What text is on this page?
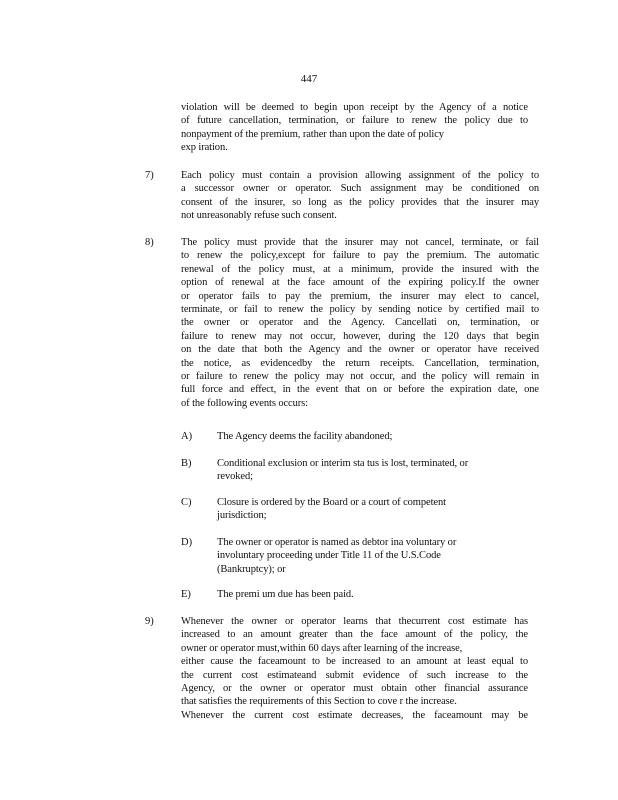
447
violation will be deemed to begin upon receipt by the Agency of a notice
of future cancellation, termination, or failure to renew the policy due to
nonpayment of the premium, rather than upon the date of policy
exp iration.
7)	Each policy must contain a provision allowing assignment of the policy to
a successor owner or operator. Such assignment may be conditioned on
consent of the insurer, so long as the policy provides that the insurer may
not unreasonably refuse such consent.
8)	The policy must provide that the insurer may not cancel, terminate, or fail
to renew the policy,except for failure to pay the premium. The automatic
renewal of the policy must, at a minimum, provide the insured with the
option of renewal at the face amount of the expiring policy.If the owner
or operator fails to pay the premium, the insurer may elect to cancel,
terminate, or fail to renew the policy by sending notice by certified mail to
the owner or operator and the Agency. Cancellati on, termination, or
failure to renew may not occur, however, during the 120 days that begin
on the date that both the Agency and the owner or operator have received
the notice, as evidencedby the return receipts. Cancellation, termination,
or failure to renew the policy may not occur, and the policy will remain in
full force and effect, in the event that on or before the expiration date, one
of the following events occurs:
A) The Agency deems the facility abandoned;
B) Conditional exclusion or interim sta tus is lost, terminated, or
revoked;
C) Closure is ordered by the Board or a court of competent
jurisdiction;
D) The owner or operator is named as debtor ina voluntary or
involuntary proceeding under Title 11 of the U.S.Code
(Bankruptcy); or
E) The premi um due has been paid.
9)	Whenever the owner or operator learns that thecurrent cost estimate has
increased to an amount greater than the face amount of the policy, the
owner or operator must,within 60 days after learning of the increase,
either cause the faceamount to be increased to an amount at least equal to
the current cost estimateand submit evidence of such increase to the
Agency, or the owner or operator must obtain other financial assurance
that satisfies the requirements of this Section to cove r the increase.
Whenever the current cost estimate decreases, the faceamount may be
